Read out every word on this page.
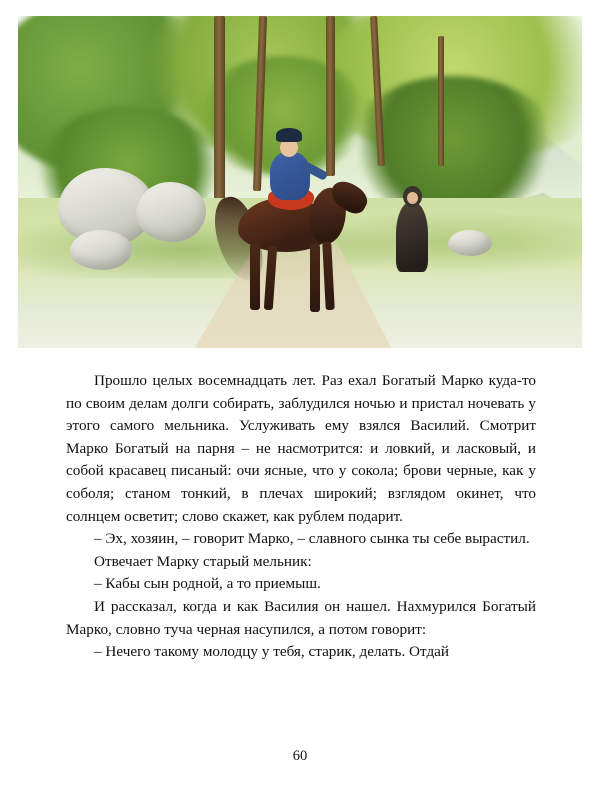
Прошло целых восемнадцать лет. Раз ехал Богатый Марко куда-то по своим делам долги собирать, заблудился ночью и пристал ночевать у этого самого мельника. Услуживать ему взялся Василий. Смотрит Марко Богатый на парня – не насмотрится: и ловкий, и ласковый, и собой красавец писаный: очи ясные, что у сокола; брови черные, как у соболя; станом тонкий, в плечах широкий; взглядом окинет, что солнцем осветит; слово скажет, как рублем подарит.

– Эх, хозяин, – говорит Марко, – славного сынка ты себе вырастил.

Отвечает Марку старый мельник:

– Кабы сын родной, а то приемыш.

И рассказал, когда и как Василия он нашел. Нахмурился Богатый Марко, словно туча черная насупился, а потом говорит:

– Нечего такому молодцу у тебя, старик, делать. Отдай

60
